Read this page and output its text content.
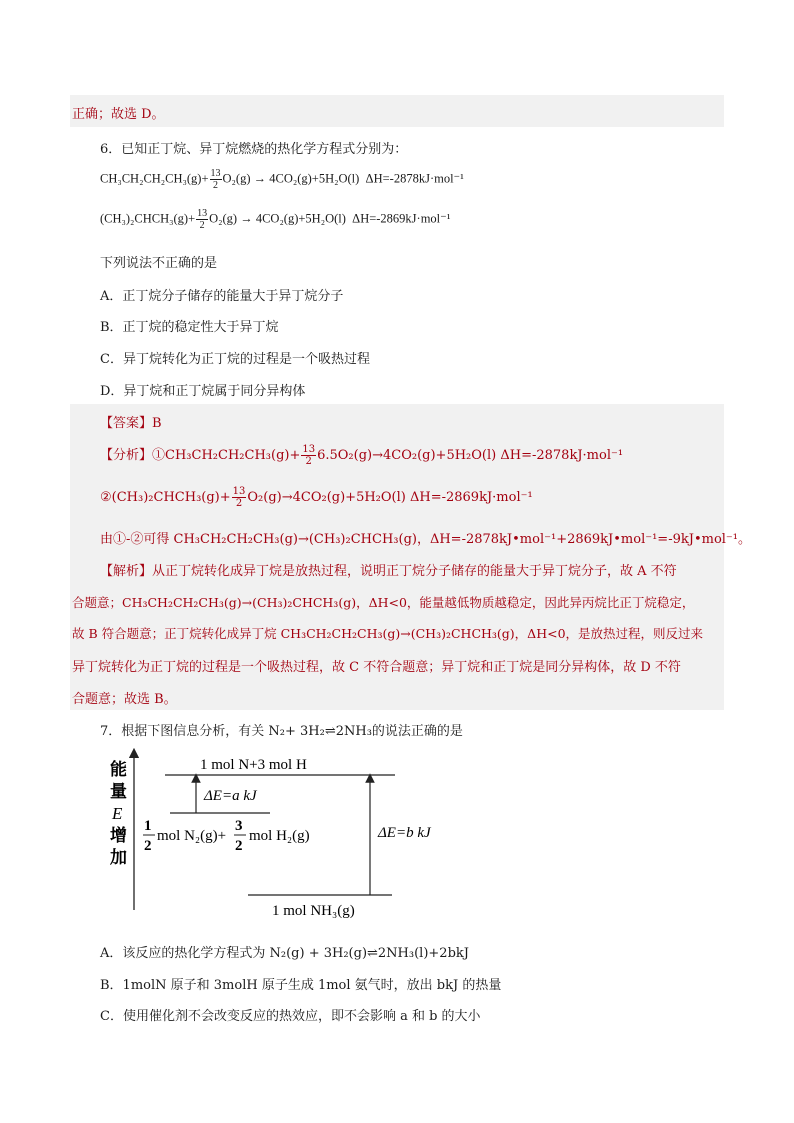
正确；故选 D。
6．已知正丁烷、异丁烷燃烧的热化学方程式分别为：
$CH_3CH_2CH_2CH_3(g)+ \frac{13}{2} O_2(g) \to 4CO_2(g)+5H_2O(l)$ ΔH=-2878kJ·mol⁻¹
(CH₃)₂CHCH₃(g)+ $\frac{13}{2} O_2(g) \to 4CO_2(g)+5H_2O(l)$ ΔH=-2869kJ·mol⁻¹
下列说法不正确的是
A．正丁烷分子储存的能量大于异丁烷分子
B．正丁烷的稳定性大于异丁烷
C．异丁烷转化为正丁烷的过程是一个吸热过程
D．异丁烷和正丁烷属于同分异构体
【答案】B
【分析】①CH₃CH₂CH₂CH₃(g)+ $\frac{13}{2} 6.5O_2(g)\to 4CO_2(g)+5H_2O(l)$ ΔH=-2878kJ·mol⁻¹
②(CH₃)₂CHCH₃(g)+ $\frac{13}{2} O_2(g)\to 4CO_2(g)+5H_2O(l)$ ΔH=-2869kJ·mol⁻¹
由①-②可得 CH₃CH₂CH₂CH₃(g)→(CH₃)₂CHCH₃(g)，ΔH=-2878kJ•mol⁻¹+2869kJ•mol⁻¹=-9kJ•mol⁻¹。
【解析】从正丁烷转化成异丁烷是放热过程，说明正丁烷分子储存的能量大于异丁烷分子，故 A 不符
合题意；CH₃CH₂CH₂CH₃(g)→(CH₃)₂CHCH₃(g)，ΔH<0，能量越低物质越稳定，因此异丙烷比正丁烷稳定，
故 B 符合题意；正丁烷转化成异丁烷 CH₃CH₂CH₂CH₃(g)→(CH₃)₂CHCH₃(g)，ΔH<0，是放热过程，则反过来
异丁烷转化为正丁烷的过程是一个吸热过程，故 C 不符合题意；异丁烷和正丁烷是同分异构体，故 D 不符
合题意；故选 B。
7．根据下图信息分析，有关 N₂+ 3H₂⇌2NH₃的说法正确的是
能
量
E
增
加
1 mol N+3 mol H
ΔE=a kJ
1
2
mol N₂(g)+
3
2
mol H₂(g)	ΔE=b kJ
1 mol NH₃(g)
A．该反应的热化学方程式为 N₂(g) + 3H₂(g)⇌2NH₃(l)+2bkJ
B．1molN 原子和 3molH 原子生成 1mol 氨气时，放出 bkJ 的热量
C．使用催化剂不会改变反应的热效应，即不会影响 a 和 b 的大小
